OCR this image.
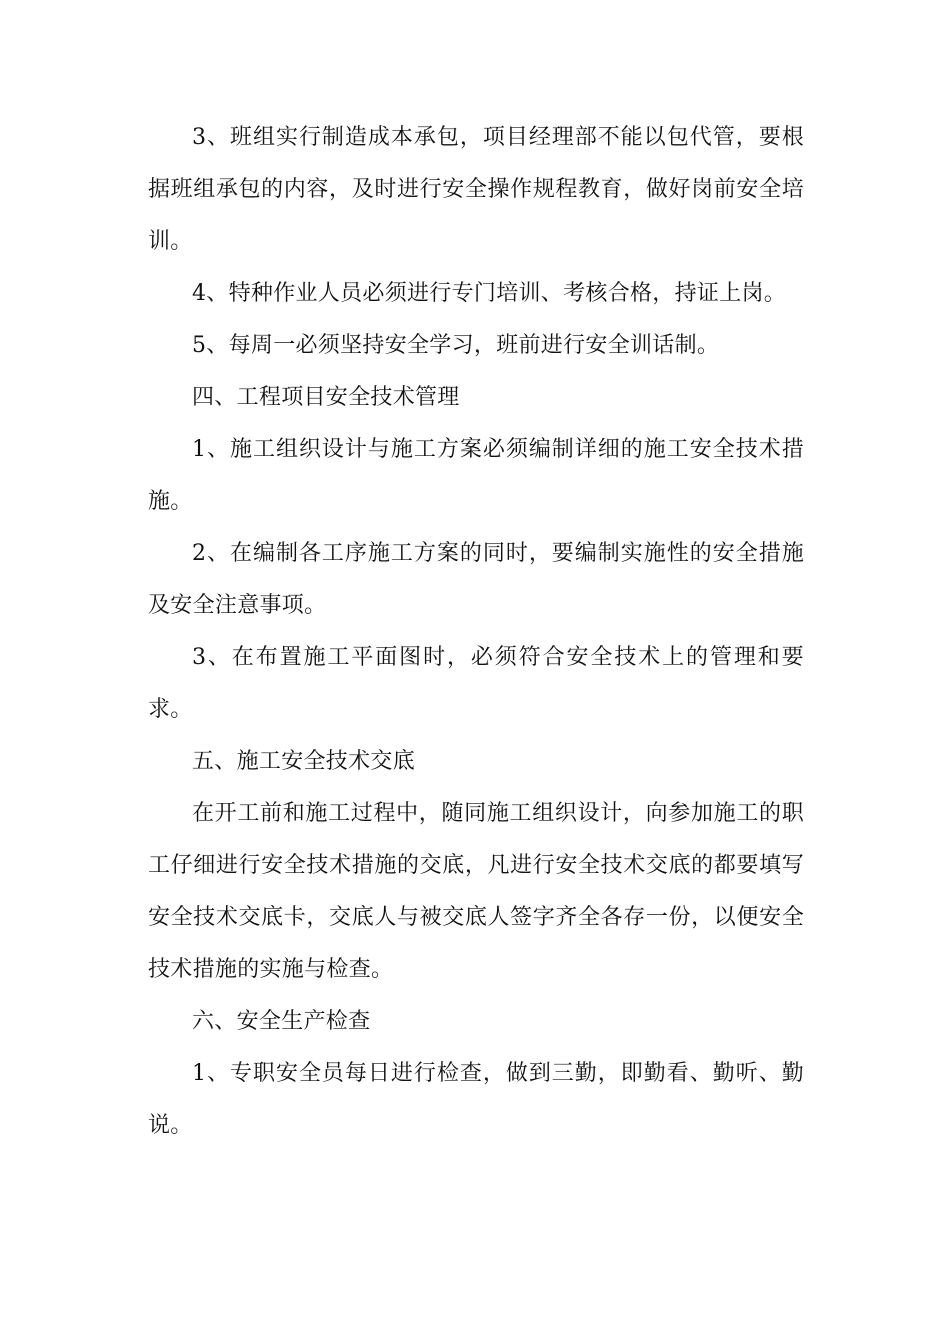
3、班组实行制造成本承包，项目经理部不能以包代管，要根据班组承包的内容，及时进行安全操作规程教育，做好岗前安全培训。

4、特种作业人员必须进行专门培训、考核合格，持证上岗。

5、每周一必须坚持安全学习，班前进行安全训话制。

四、工程项目安全技术管理

1、施工组织设计与施工方案必须编制详细的施工安全技术措施。

2、在编制各工序施工方案的同时，要编制实施性的安全措施及安全注意事项。

3、在布置施工平面图时，必须符合安全技术上的管理和要求。

五、施工安全技术交底

在开工前和施工过程中，随同施工组织设计，向参加施工的职工仔细进行安全技术措施的交底，凡进行安全技术交底的都要填写安全技术交底卡，交底人与被交底人签字齐全各存一份，以便安全技术措施的实施与检查。

六、安全生产检查

1、专职安全员每日进行检查，做到三勤，即勤看、勤听、勤说。
